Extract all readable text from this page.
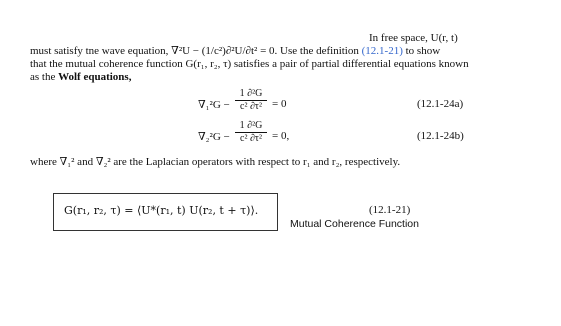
In free space, U(r, t)
must satisfy tne wave equation, ∇²U − (1/c²)∂²U/∂t² = 0. Use the definition (12.1-21) to show
that the mutual coherence function G(r₁, r₂, τ) satisfies a pair of partial differential equations known
as the Wolf equations,
∇₁²G −
1 ∂²G
c² ∂τ² = 0	(12.1-24a)
∇₂²G −
1 ∂²G
c² ∂τ² = 0,	(12.1-24b)
where ∇₁² and ∇₂² are the Laplacian operators with respect to r₁ and r₂, respectively.
G(r₁, r₂, τ) = ⟨U*(r₁, t) U(r₂, t + τ)⟩.	(12.1-21)
Mutual Coherence Function
